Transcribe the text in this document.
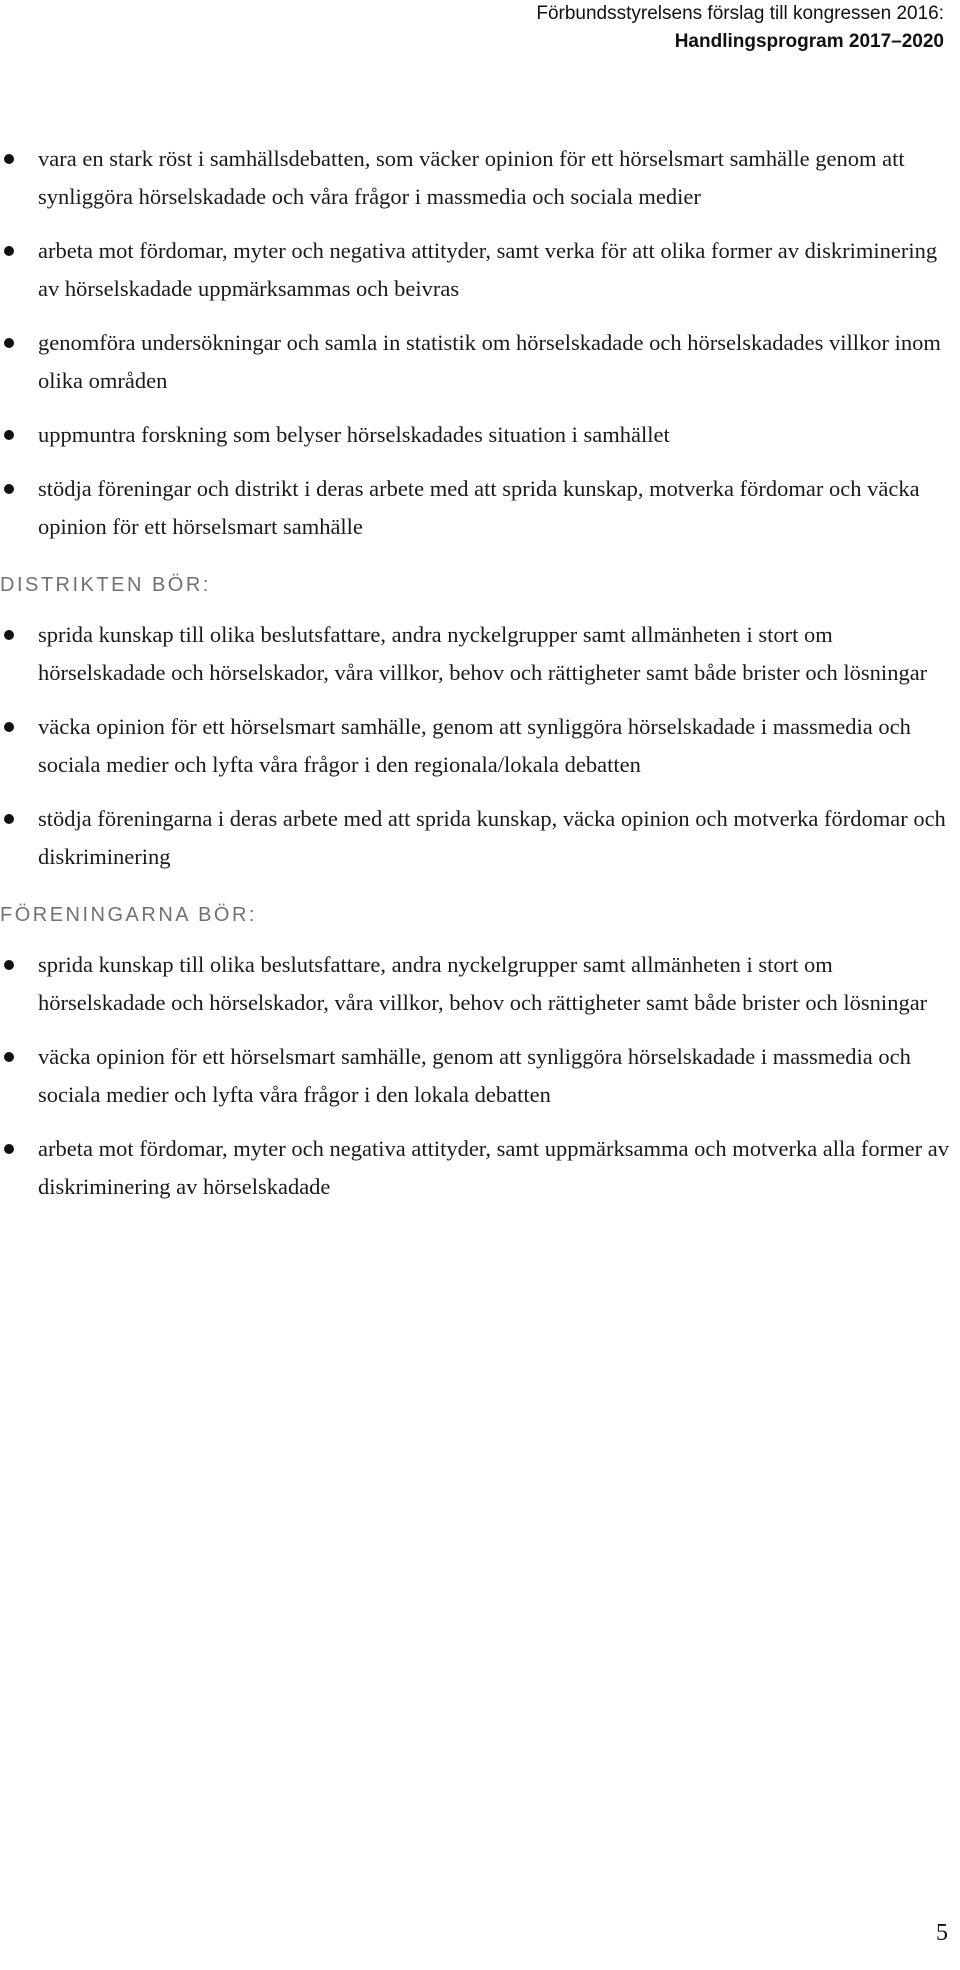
Förbundsstyrelsens förslag till kongressen 2016:
Handlingsprogram 2017–2020
vara en stark röst i samhällsdebatten, som väcker opinion för ett hörselsmart samhälle genom att synliggöra hörselskadade och våra frågor i massmedia och sociala medier
arbeta mot fördomar, myter och negativa attityder, samt verka för att olika former av diskriminering av hörselskadade uppmärksammas och beivras
genomföra undersökningar och samla in statistik om hörselskadade och hörselskadades villkor inom olika områden
uppmuntra forskning som belyser hörselskadades situation i samhället
stödja föreningar och distrikt i deras arbete med att sprida kunskap, motverka fördomar och väcka opinion för ett hörselsmart samhälle
DISTRIKTEN BÖR:
sprida kunskap till olika beslutsfattare, andra nyckelgrupper samt allmänheten i stort om hörselskadade och hörselskador, våra villkor, behov och rättigheter samt både brister och lösningar
väcka opinion för ett hörselsmart samhälle, genom att synliggöra hörselskadade i massmedia och sociala medier och lyfta våra frågor i den regionala/lokala debatten
stödja föreningarna i deras arbete med att sprida kunskap, väcka opinion och motverka fördomar och diskriminering
FÖRENINGARNA BÖR:
sprida kunskap till olika beslutsfattare, andra nyckelgrupper samt allmänheten i stort om hörselskadade och hörselskador, våra villkor, behov och rättigheter samt både brister och lösningar
väcka opinion för ett hörselsmart samhälle, genom att synliggöra hörselskadade i massmedia och sociala medier och lyfta våra frågor i den lokala debatten
arbeta mot fördomar, myter och negativa attityder, samt uppmärksamma och motverka alla former av diskriminering av hörselskadade
5
